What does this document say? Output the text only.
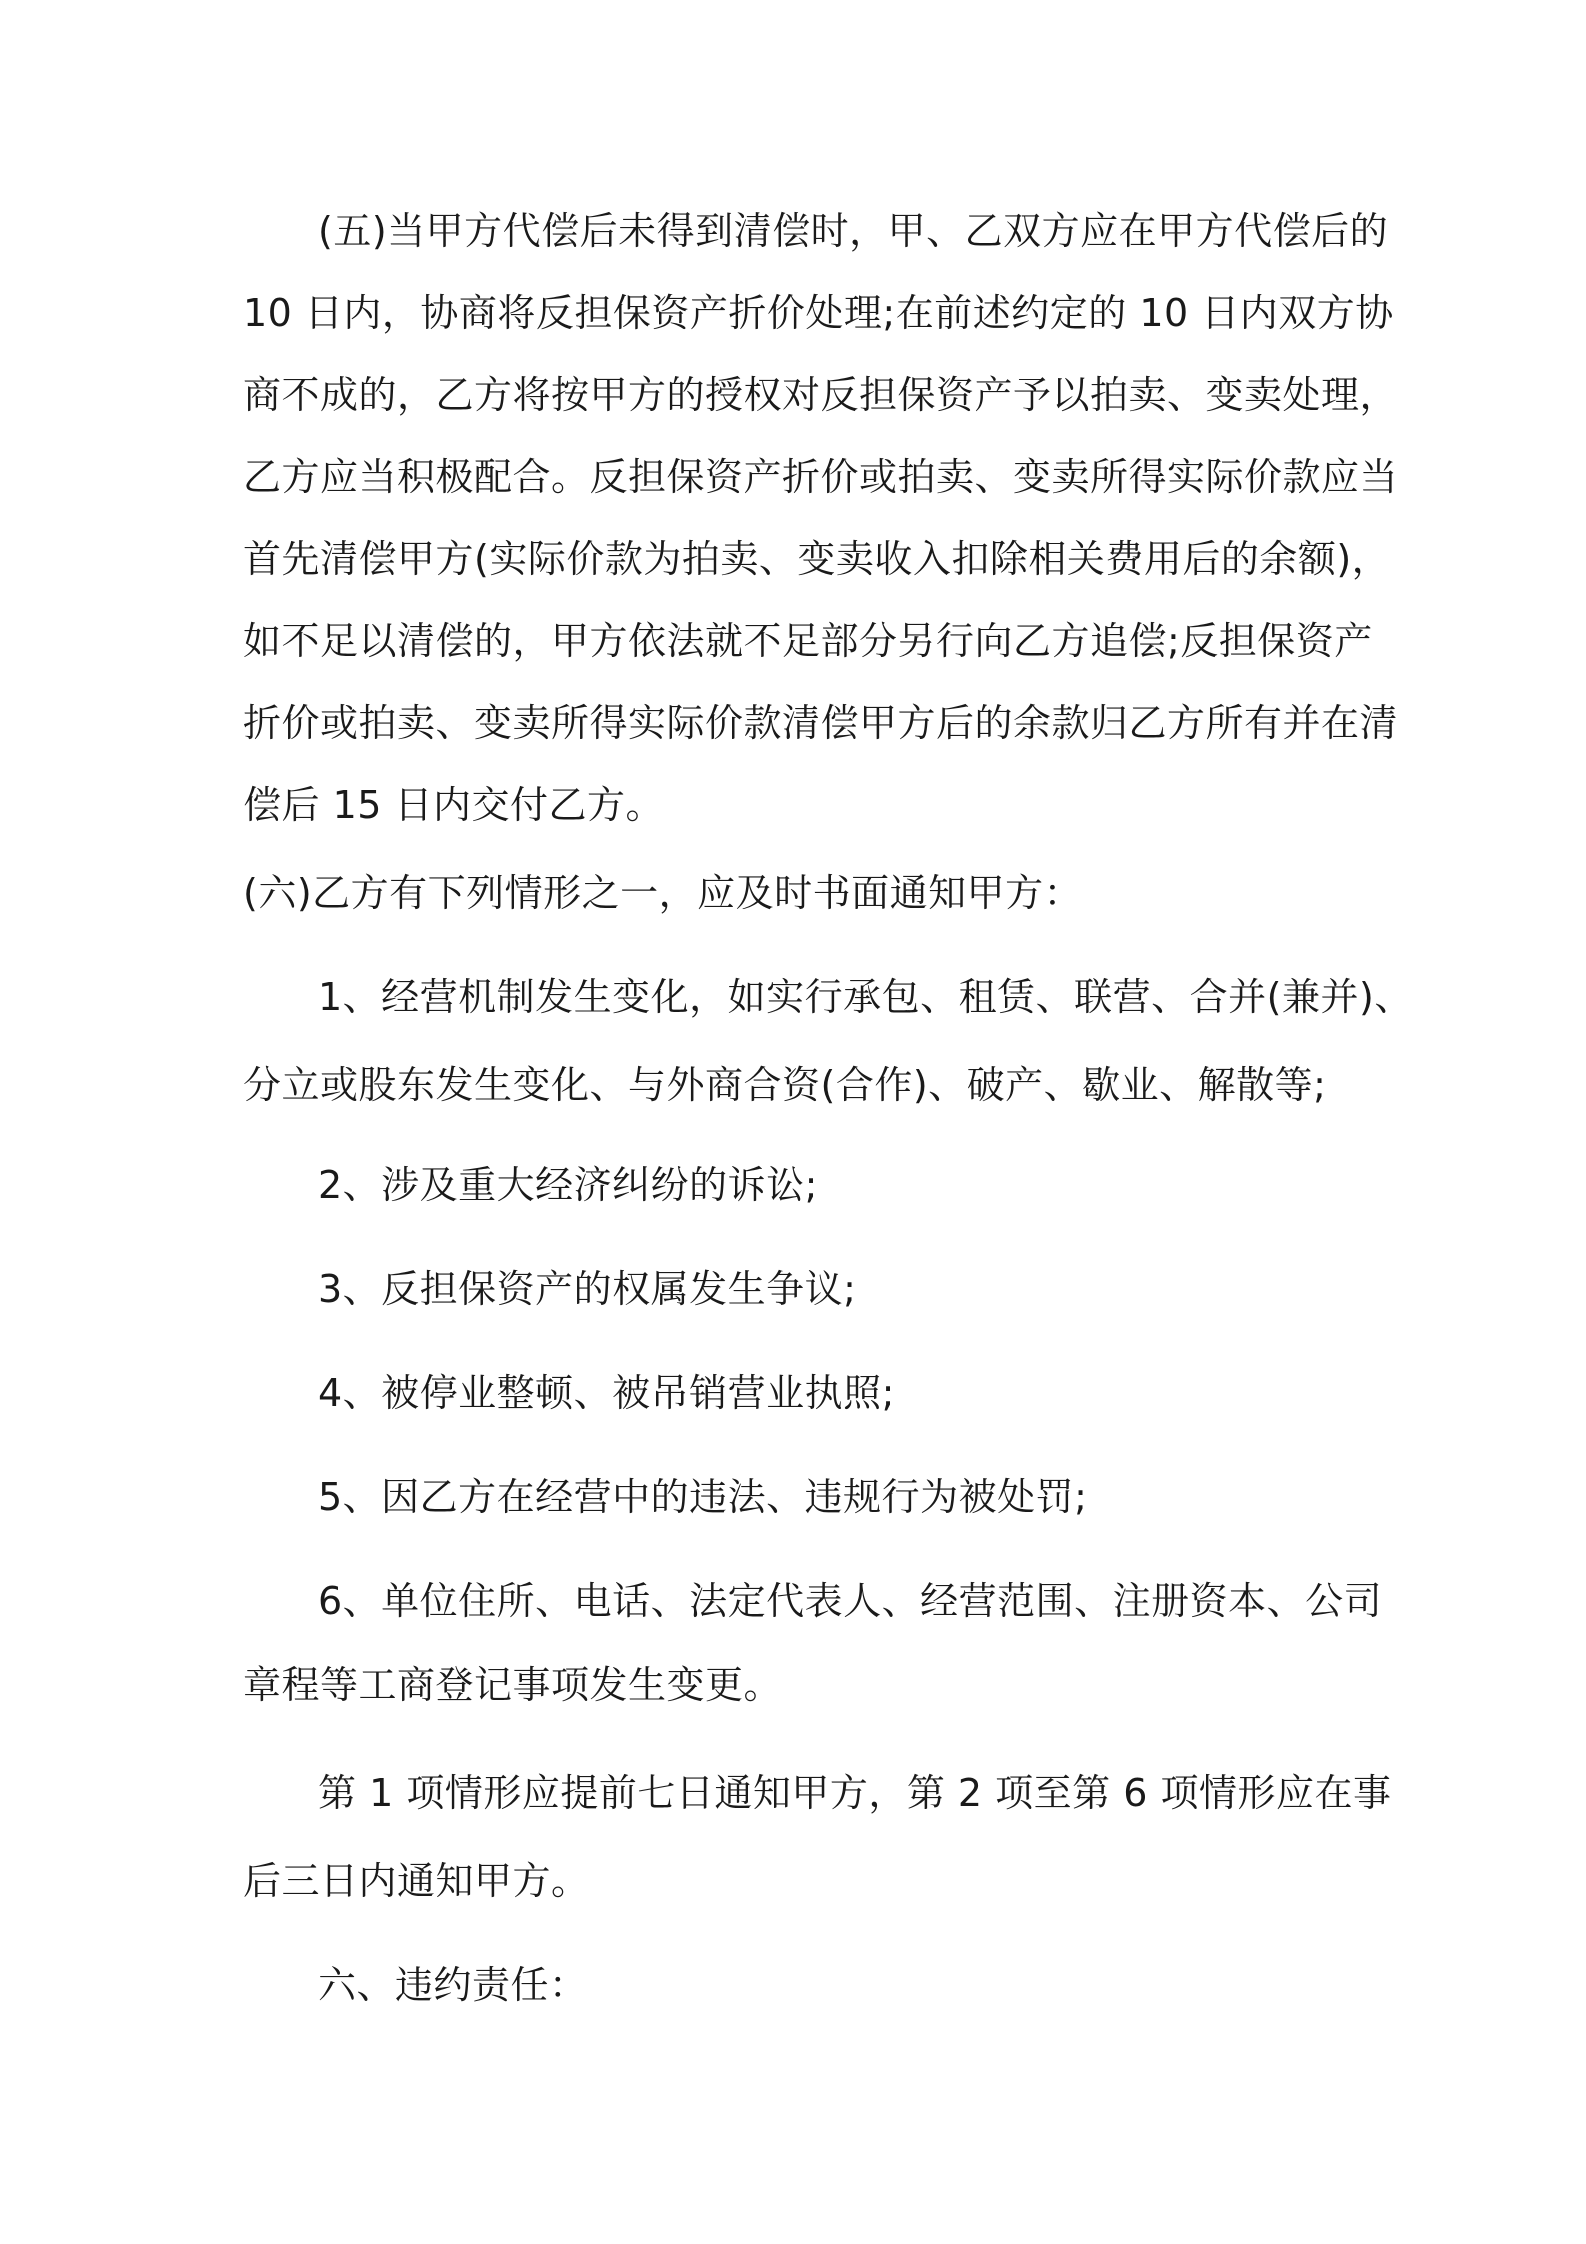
(五)当甲方代偿后未得到清偿时，甲、乙双方应在甲方代偿后的
10 日内，协商将反担保资产折价处理;在前述约定的 10 日内双方协
商不成的，乙方将按甲方的授权对反担保资产予以拍卖、变卖处理，
乙方应当积极配合。反担保资产折价或拍卖、变卖所得实际价款应当
首先清偿甲方(实际价款为拍卖、变卖收入扣除相关费用后的余额)，
如不足以清偿的，甲方依法就不足部分另行向乙方追偿;反担保资产
折价或拍卖、变卖所得实际价款清偿甲方后的余款归乙方所有并在清
偿后 15 日内交付乙方。
(六)乙方有下列情形之一，应及时书面通知甲方：
1、经营机制发生变化，如实行承包、租赁、联营、合并(兼并)、
分立或股东发生变化、与外商合资(合作)、破产、歇业、解散等;
2、涉及重大经济纠纷的诉讼;
3、反担保资产的权属发生争议;
4、被停业整顿、被吊销营业执照;
5、因乙方在经营中的违法、违规行为被处罚;
6、单位住所、电话、法定代表人、经营范围、注册资本、公司
章程等工商登记事项发生变更。
第 1 项情形应提前七日通知甲方，第 2 项至第 6 项情形应在事
后三日内通知甲方。
六、违约责任：
